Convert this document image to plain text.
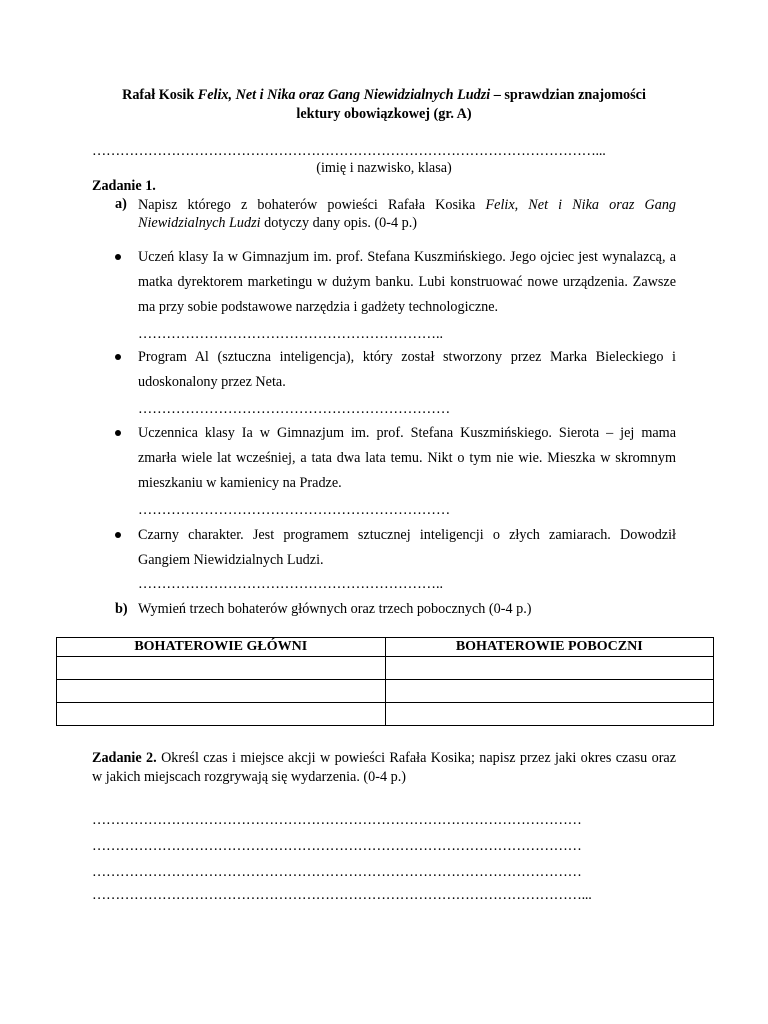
Rafał Kosik Felix, Net i Nika oraz Gang Niewidzialnych Ludzi – sprawdzian znajomości
lektury obowiązkowej (gr. A)
………………………………………………………………………………………………...
(imię i nazwisko, klasa)
Zadanie 1.
a) Napisz którego z bohaterów powieści Rafała Kosika Felix, Net i Nika oraz Gang Niewidzialnych Ludzi dotyczy dany opis. (0-4 p.)
Uczeń klasy Ia w Gimnazjum im. prof. Stefana Kuszmińskiego. Jego ojciec jest wynalazcą, a matka dyrektorem marketingu w dużym banku. Lubi konstruować nowe urządzenia. Zawsze ma przy sobie podstawowe narzędzia i gadżety technologiczne.
………………………………………………………..
Program Al (sztuczna inteligencja), który został stworzony przez Marka Bieleckiego i udoskonalony przez Neta.
…………………………………………………………
Uczennica klasy Ia w Gimnazjum im. prof. Stefana Kuszmińskiego. Sierota – jej mama zmarła wiele lat wcześniej, a tata dwa lata temu. Nikt o tym nie wie. Mieszka w skromnym mieszkaniu w kamienicy na Pradze.
…………………………………………………………
Czarny charakter. Jest programem sztucznej inteligencji o złych zamiarach. Dowodził Gangiem Niewidzialnych Ludzi.
………………………………………………………..
b) Wymień trzech bohaterów głównych oraz trzech pobocznych (0-4 p.)
BOHATEROWIE GŁÓWNI	BOHATEROWIE POBOCZNI

Zadanie 2. Określ czas i miejsce akcji w powieści Rafała Kosika; napisz przez jaki okres czasu oraz w jakich miejscach rozgrywają się wydarzenia. (0-4 p.)
……………………………………………………………………………………………
……………………………………………………………………………………………
……………………………………………………………………………………………
……………………………………………………………………………………………...
